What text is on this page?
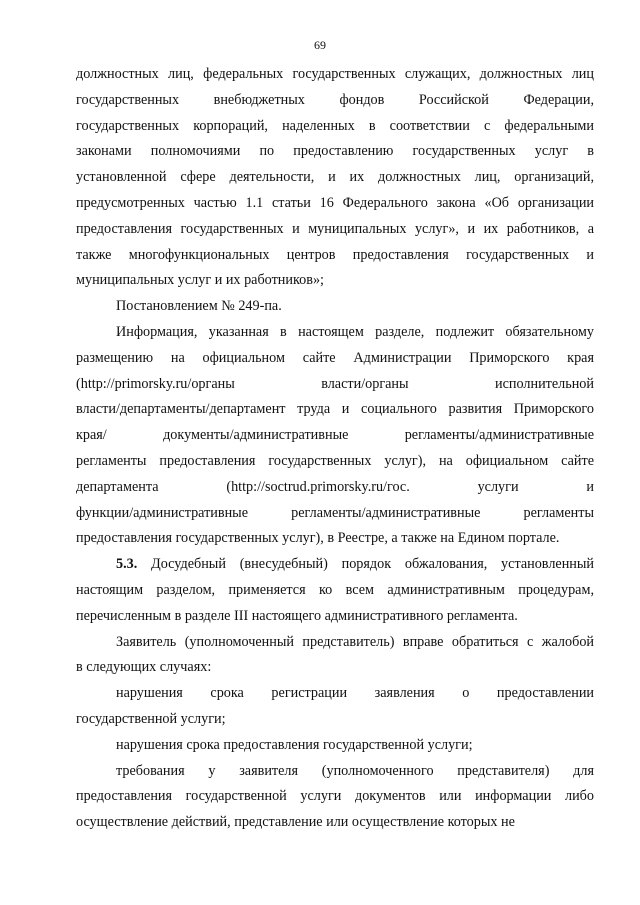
69

должностных лиц, федеральных государственных служащих, должностных лиц
государственных внебюджетных фондов Российской Федерации,
государственных корпораций, наделенных в соответствии с федеральными
законами полномочиями по предоставлению государственных услуг в
установленной сфере деятельности, и их должностных лиц, организаций,
предусмотренных частью 1.1 статьи 16 Федерального закона «Об организации
предоставления государственных и муниципальных услуг», и их работников, а
также многофункциональных центров предоставления государственных и
муниципальных услуг и их работников»;

Постановлением № 249-па.

Информация, указанная в настоящем разделе, подлежит обязательному
размещению на официальном сайте Администрации Приморского края
(http://primorsky.ru/органы власти/органы исполнительной
власти/департаменты/департамент труда и социального развития Приморского
края/ документы/административные регламенты/административные
регламенты предоставления государственных услуг), на официальном сайте
департамента (http://soctrud.primorsky.ru/гос. услуги и
функции/административные регламенты/административные регламенты
предоставления государственных услуг), в Реестре, а также на Едином портале.

5.3. Досудебный (внесудебный) порядок обжалования, установленный
настоящим разделом, применяется ко всем административным процедурам,
перечисленным в разделе III настоящего административного регламента.

Заявитель (уполномоченный представитель) вправе обратиться с жалобой
в следующих случаях:

нарушения срока регистрации заявления о предоставлении
государственной услуги;

нарушения срока предоставления государственной услуги;

требования у заявителя (уполномоченного представителя) для
предоставления государственной услуги документов или информации либо
осуществление действий, представление или осуществление которых не
